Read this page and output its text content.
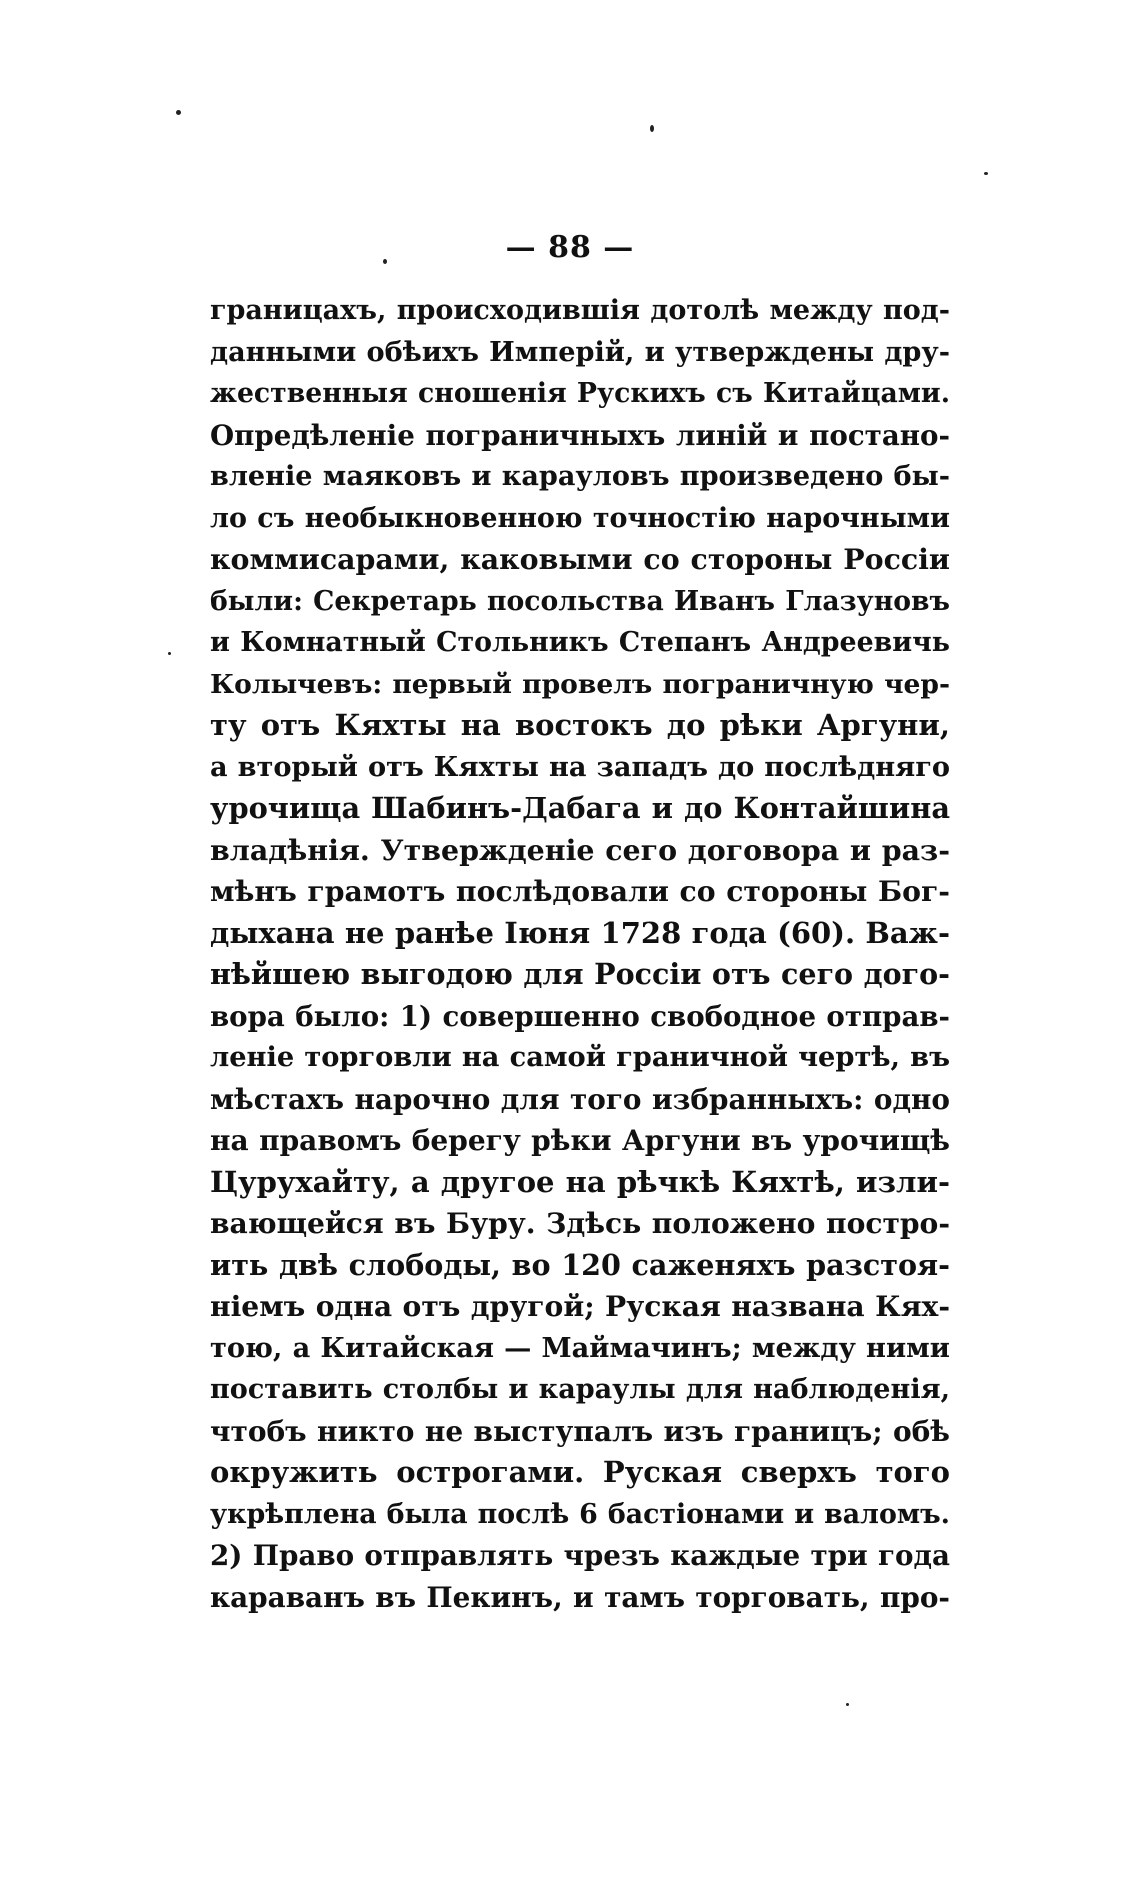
— 88 —
границахъ, происходившія дотолѣ между под-
данными обѣихъ Имперій, и утверждены дру-
жественныя сношенія Рускихъ съ Китайцами.
Опредѣленіе пограничныхъ линій и постано-
вленіе маяковъ и карауловъ произведено бы-
ло съ необыкновенною точностію нарочными
коммисарами, каковыми со стороны Россіи
были: Секретарь посольства Иванъ Глазуновъ
и Комнатный Стольникъ Степанъ Андреевичь
Колычевъ: первый провелъ пограничную чер-
ту отъ Кяхты на востокъ до рѣки Аргуни,
а вторый отъ Кяхты на западъ до послѣдняго
урочища Шабинъ-Дабага и до Контайшина
владѣнія. Утвержденіе сего договора и раз-
мѣнъ грамотъ послѣдовали со стороны Бог-
дыхана не ранѣе Іюня 1728 года (60). Важ-
нѣйшею выгодою для Россіи отъ сего дого-
вора было: 1) совершенно свободное отправ-
леніе торговли на самой граничной чертѣ, въ
мѣстахъ нарочно для того избранныхъ: одно
на правомъ берегу рѣки Аргуни въ урочищѣ
Цурухайту, а другое на рѣчкѣ Кяхтѣ, изли-
вающейся въ Буру. Здѣсь положено постро-
ить двѣ слободы, во 120 саженяхъ разстоя-
ніемъ одна отъ другой; Руская названа Кях-
тою, а Китайская — Маймачинъ; между ними
поставить столбы и караулы для наблюденія,
чтобъ никто не выступалъ изъ границъ; обѣ
окружить острогами. Руская сверхъ того
укрѣплена была послѣ 6 бастіонами и валомъ.
2) Право отправлять чрезъ каждые три года
караванъ въ Пекинъ, и тамъ торговать, про-
